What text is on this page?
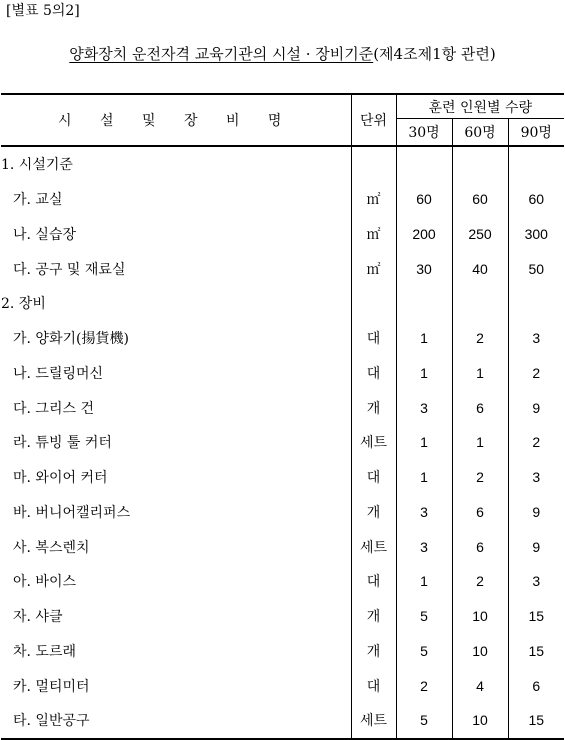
[별표 5의2]
양화장치 운전자격 교육기관의 시설 · 장비기준(제4조제1항 관련)
시 설 및 장 비 명	단위	훈련 인원별 수량		
		30명	60명	90명
1. 시설기준				
가. 교실	㎡	60	60	60
나. 실습장	㎡	200	250	300
다. 공구 및 재료실	㎡	30	40	50
2. 장비				
가. 양화기(揚貨機)	대	1	2	3
나. 드릴링머신	대	1	1	2
다. 그리스 건	개	3	6	9
라. 튜빙 툴 커터	세트	1	1	2
마. 와이어 커터	대	1	2	3
바. 버니어캘리퍼스	개	3	6	9
사. 복스렌치	세트	3	6	9
아. 바이스	대	1	2	3
자. 샤클	개	5	10	15
차. 도르래	개	5	10	15
카. 멀티미터	대	2	4	6
타. 일반공구	세트	5	10	15
